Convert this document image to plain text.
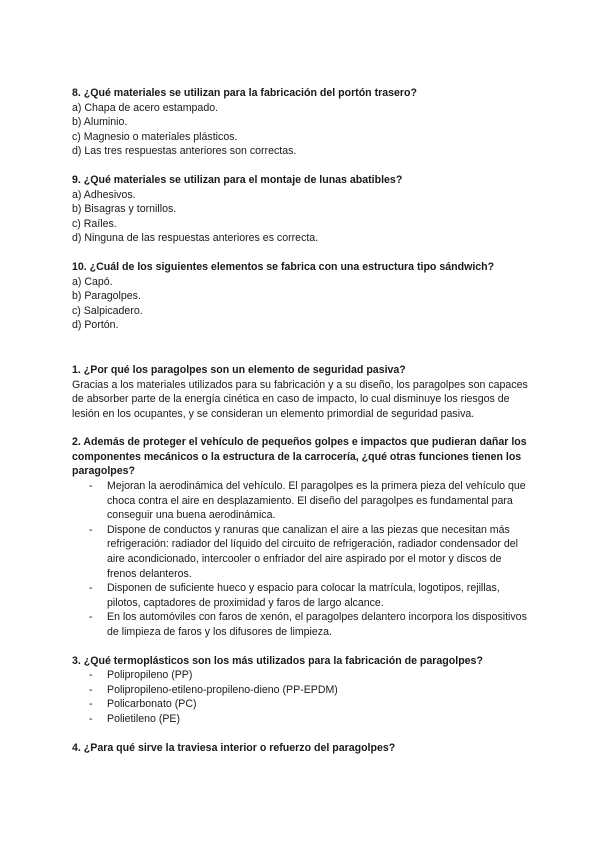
8. ¿Qué materiales se utilizan para la fabricación del portón trasero?

a) Chapa de acero estampado.

b) Aluminio.

c) Magnesio o materiales plásticos.

d) Las tres respuestas anteriores son correctas.

9. ¿Qué materiales se utilizan para el montaje de lunas abatibles?

a) Adhesivos.

b) Bisagras y tornillos.

c) Raíles.

d) Ninguna de las respuestas anteriores es correcta.

10. ¿Cuál de los siguientes elementos se fabrica con una estructura tipo sándwich?

a) Capó.

b) Paragolpes.

c) Salpicadero.

d) Portón.

1. ¿Por qué los paragolpes son un elemento de seguridad pasiva?

Gracias a los materiales utilizados para su fabricación y a su diseño, los paragolpes son capaces de absorber parte de la energía cinética en caso de impacto, lo cual disminuye los riesgos de lesión en los ocupantes, y se consideran un elemento primordial de seguridad pasiva.

2. Además de proteger el vehículo de pequeños golpes e impactos que pudieran dañar los componentes mecánicos o la estructura de la carrocería, ¿qué otras funciones tienen los paragolpes?

- Mejoran la aerodinámica del vehículo. El paragolpes es la primera pieza del vehículo que choca contra el aire en desplazamiento. El diseño del paragolpes es fundamental para conseguir una buena aerodinámica.
- Dispone de conductos y ranuras que canalizan el aire a las piezas que necesitan más refrigeración: radiador del líquido del circuito de refrigeración, radiador condensador del aire acondicionado, intercooler o enfriador del aire aspirado por el motor y discos de frenos delanteros.
- Disponen de suficiente hueco y espacio para colocar la matrícula, logotipos, rejillas, pilotos, captadores de proximidad y faros de largo alcance.
- En los automóviles con faros de xenón, el paragolpes delantero incorpora los dispositivos de limpieza de faros y los difusores de limpieza.

3. ¿Qué termoplásticos son los más utilizados para la fabricación de paragolpes?

- Polipropileno (PP)
- Polipropileno-etileno-propileno-dieno (PP-EPDM)
- Policarbonato (PC)
- Polietileno (PE)

4. ¿Para qué sirve la traviesa interior o refuerzo del paragolpes?
